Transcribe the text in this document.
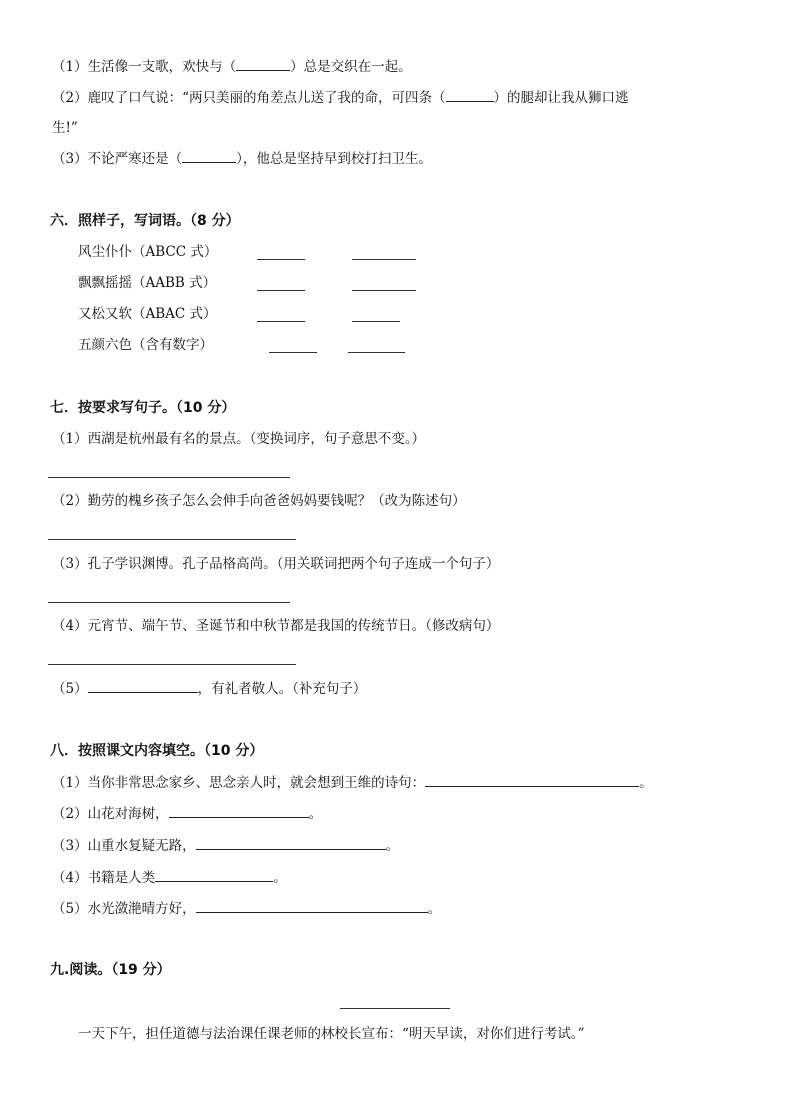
（1）生活像一支歌，欢快与（	）总是交织在一起。
（2）鹿叹了口气说：“两只美丽的角差点儿送了我的命，可四条（	）的腿却让我从狮口逃
生!”
（3）不论严寒还是（	），他总是坚持早到校打扫卫生。
六．照样子，写词语。（8 分）
风尘仆仆（ABCC 式）
飘飘摇摇（AABB 式）
又松又软（ABAC 式）
五颜六色（含有数字）
七．按要求写句子。（10 分）
（1）西湖是杭州最有名的景点。（变换词序，句子意思不变。）
（2）勤劳的槐乡孩子怎么会伸手向爸爸妈妈要钱呢？（改为陈述句）
（3）孔子学识渊博。孔子品格高尚。（用关联词把两个句子连成一个句子）
（4）元宵节、端午节、圣诞节和中秋节都是我国的传统节日。（修改病句）
（5）	，有礼者敬人。（补充句子）
八．按照课文内容填空。（10 分）
（1）当你非常思念家乡、思念亲人时，就会想到王维的诗句：	。
（2）山花对海树，	。
（3）山重水复疑无路，	。
（4）书籍是人类	。
（5）水光潋滟晴方好，	。
九.阅读。（19 分）
一天下午，担任道德与法治课任课老师的林校长宣布：“明天早读，对你们进行考试。”
